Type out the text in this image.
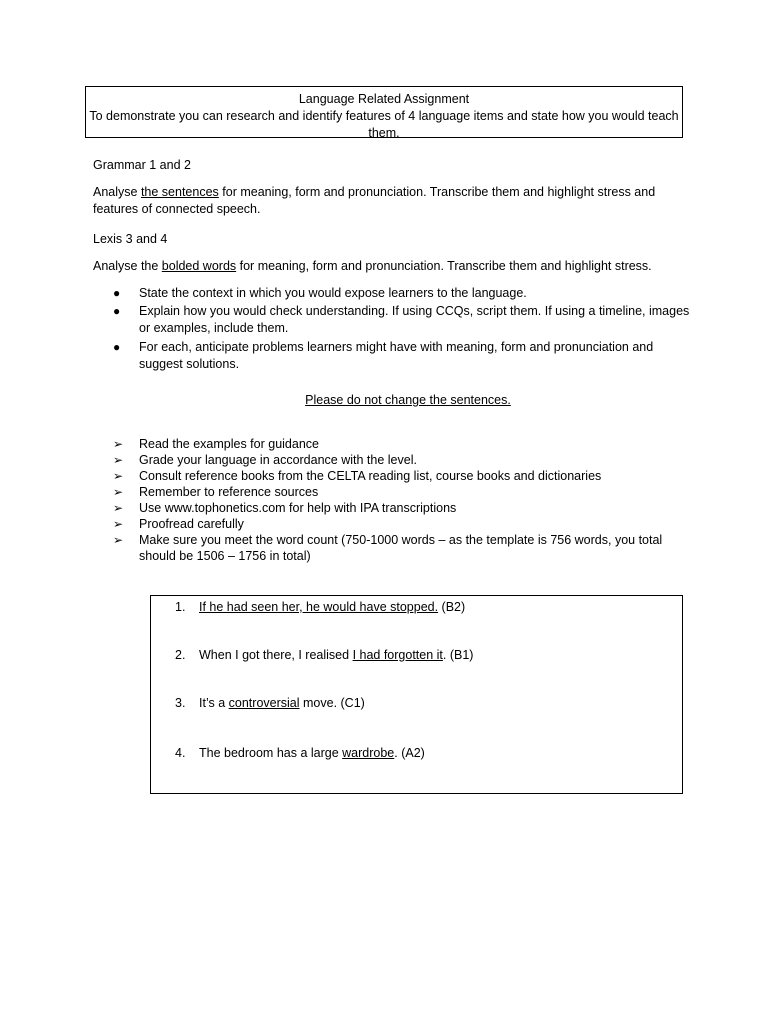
Language Related Assignment
To demonstrate you can research and identify features of 4 language items and state how you would teach them.
Grammar 1 and 2
Analyse the sentences for meaning, form and pronunciation. Transcribe them and highlight stress and features of connected speech.
Lexis 3 and 4
Analyse the bolded words for meaning, form and pronunciation. Transcribe them and highlight stress.
● State the context in which you would expose learners to the language.
● Explain how you would check understanding. If using CCQs, script them. If using a timeline, images or examples, include them.
● For each, anticipate problems learners might have with meaning, form and pronunciation and suggest solutions.
Please do not change the sentences.
➢ Read the examples for guidance
➢ Grade your language in accordance with the level.
➢ Consult reference books from the CELTA reading list, course books and dictionaries
➢ Remember to reference sources
➢ Use www.tophonetics.com for help with IPA transcriptions
➢ Proofread carefully
➢ Make sure you meet the word count (750-1000 words – as the template is 756 words, you total should be 1506 – 1756 in total)
1. If he had seen her, he would have stopped. (B2)
2. When I got there, I realised I had forgotten it. (B1)
3. It’s a controversial move. (C1)
4. The bedroom has a large wardrobe. (A2)
